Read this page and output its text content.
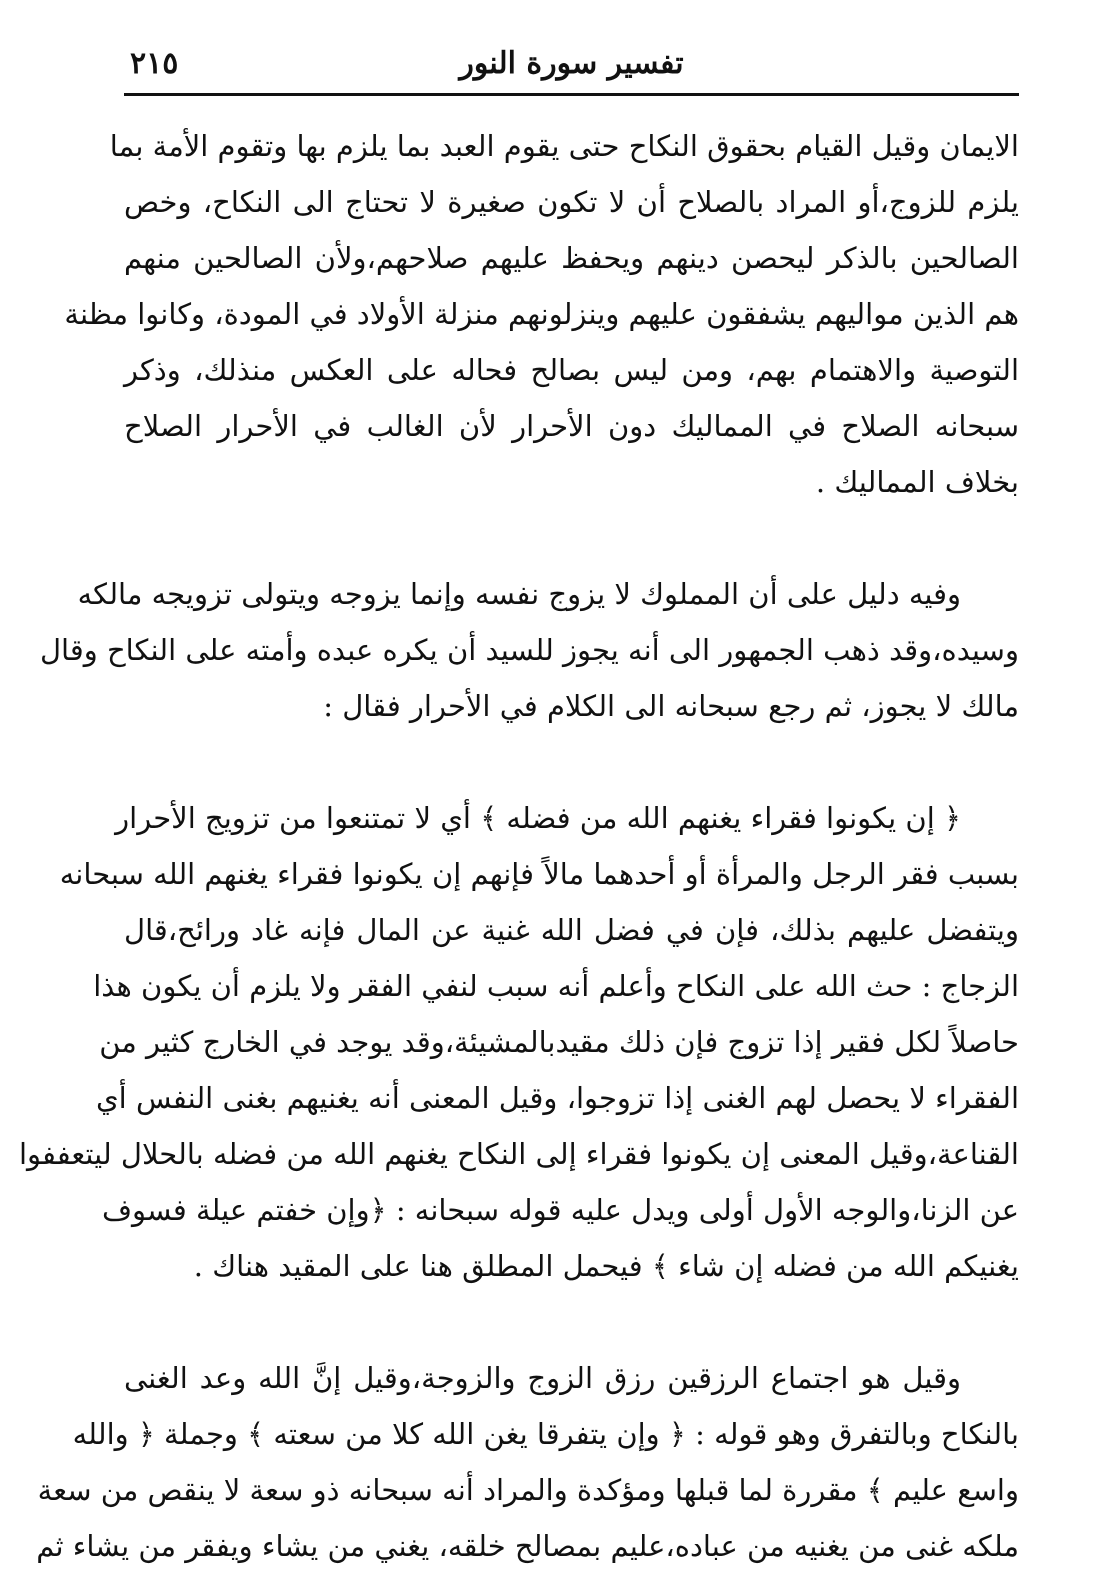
تفسير سورة النور
٢١٥
الايمان وقيل القيام بحقوق النكاح حتى يقوم العبد بما يلزم بها وتقوم الأمة بما
يلزم للزوج،أو المراد بالصلاح أن لا تكون صغيرة لا تحتاج الى النكاح، وخص
الصالحين بالذكر ليحصن دينهم ويحفظ عليهم صلاحهم،ولأن الصالحين منهم
هم الذين مواليهم يشفقون عليهم وينزلونهم منزلة الأولاد في المودة، وكانوا مظنة
التوصية والاهتمام بهم، ومن ليس بصالح فحاله على العكس منذلك، وذكر
سبحانه الصلاح في المماليك دون الأحرار لأن الغالب في الأحرار الصلاح
بخلاف المماليك .
وفيه دليل على أن المملوك لا يزوج نفسه وإنما يزوجه ويتولى تزويجه مالكه
وسيده،وقد ذهب الجمهور الى أنه يجوز للسيد أن يكره عبده وأمته على النكاح وقال
مالك لا يجوز، ثم رجع سبحانه الى الكلام في الأحرار فقال :
﴿ إن يكونوا فقراء يغنهم الله من فضله ﴾ أي لا تمتنعوا من تزويج الأحرار
بسبب فقر الرجل والمرأة أو أحدهما مالاً فإنهم إن يكونوا فقراء يغنهم الله سبحانه
ويتفضل عليهم بذلك، فإن في فضل الله غنية عن المال فإنه غاد ورائح،قال
الزجاج : حث الله على النكاح وأعلم أنه سبب لنفي الفقر ولا يلزم أن يكون هذا
حاصلاً لكل فقير إذا تزوج فإن ذلك مقيدبالمشيئة،وقد يوجد في الخارج كثير من
الفقراء لا يحصل لهم الغنى إذا تزوجوا، وقيل المعنى أنه يغنيهم بغنى النفس أي
القناعة،وقيل المعنى إن يكونوا فقراء إلى النكاح يغنهم الله من فضله بالحلال ليتعففوا
عن الزنا،والوجه الأول أولى ويدل عليه قوله سبحانه : ﴿وإن خفتم عيلة فسوف
يغنيكم الله من فضله إن شاء ﴾ فيحمل المطلق هنا على المقيد هناك .
وقيل هو اجتماع الرزقين رزق الزوج والزوجة،وقيل إنَّ الله وعد الغنى
بالنكاح وبالتفرق وهو قوله : ﴿ وإن يتفرقا يغن الله كلا من سعته ﴾ وجملة ﴿ والله
واسع عليم ﴾ مقررة لما قبلها ومؤكدة والمراد أنه سبحانه ذو سعة لا ينقص من سعة
ملكه غنى من يغنيه من عباده،عليم بمصالح خلقه، يغني من يشاء ويفقر من يشاء ثم
